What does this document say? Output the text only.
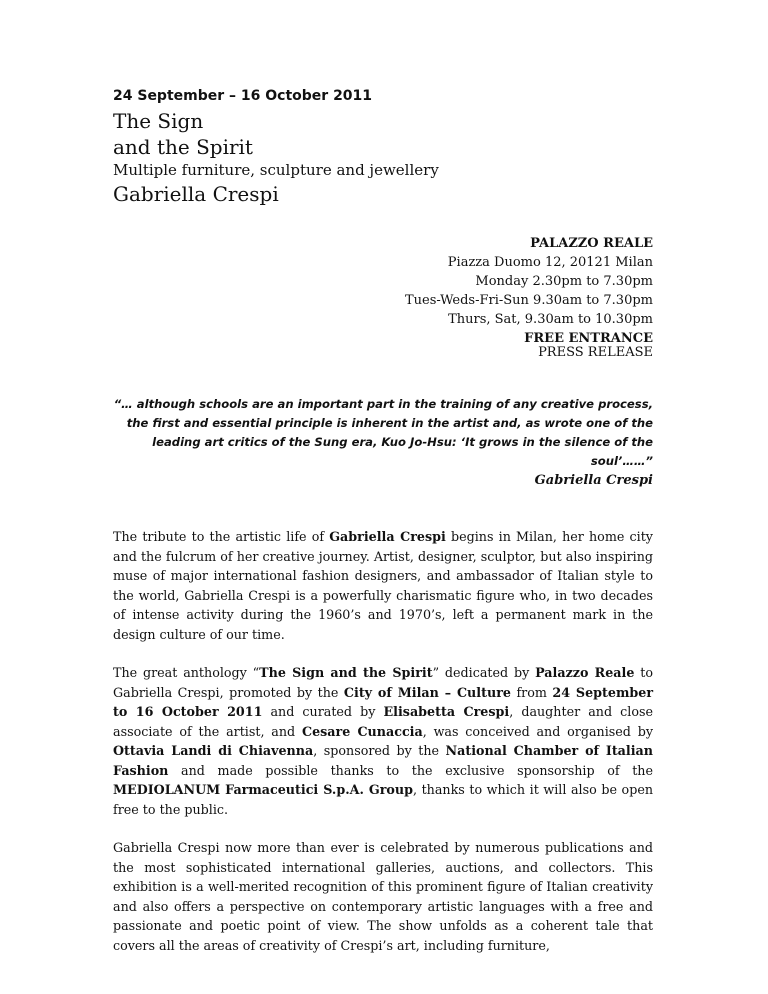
24 September – 16 October 2011
The Sign
and the Spirit
Multiple furniture, sculpture and jewellery
Gabriella Crespi
PALAZZO REALE
Piazza Duomo 12, 20121 Milan
Monday 2.30pm to 7.30pm
Tues-Weds-Fri-Sun 9.30am to 7.30pm
Thurs, Sat, 9.30am to 10.30pm
FREE ENTRANCE
PRESS RELEASE
“… although schools are an important part in the training of any creative process,
the first and essential principle is inherent in the artist and, as wrote one of the
leading art critics of the Sung era, Kuo Jo-Hsu: ‘It grows in the silence of the
soul’……”
Gabriella Crespi

The tribute to the artistic life of Gabriella Crespi begins in Milan, her home city and the fulcrum of her creative journey. Artist, designer, sculptor, but also inspiring muse of major international fashion designers, and ambassador of Italian style to the world, Gabriella Crespi is a powerfully charismatic figure who, in two decades of intense activity during the 1960’s and 1970’s, left a permanent mark in the design culture of our time.

The great anthology “The Sign and the Spirit” dedicated by Palazzo Reale to Gabriella Crespi, promoted by the City of Milan – Culture from 24 September to 16 October 2011 and curated by Elisabetta Crespi, daughter and close associate of the artist, and Cesare Cunaccia, was conceived and organised by Ottavia Landi di Chiavenna, sponsored by the National Chamber of Italian Fashion and made possible thanks to the exclusive sponsorship of the MEDIOLANUM Farmaceutici S.p.A. Group, thanks to which it will also be open free to the public.

Gabriella Crespi now more than ever is celebrated by numerous publications and the most sophisticated international galleries, auctions, and collectors. This exhibition is a well-merited recognition of this prominent figure of Italian creativity and also offers a perspective on contemporary artistic languages with a free and passionate and poetic point of view. The show unfolds as a coherent tale that covers all the areas of creativity of Crespi’s art, including furniture,
